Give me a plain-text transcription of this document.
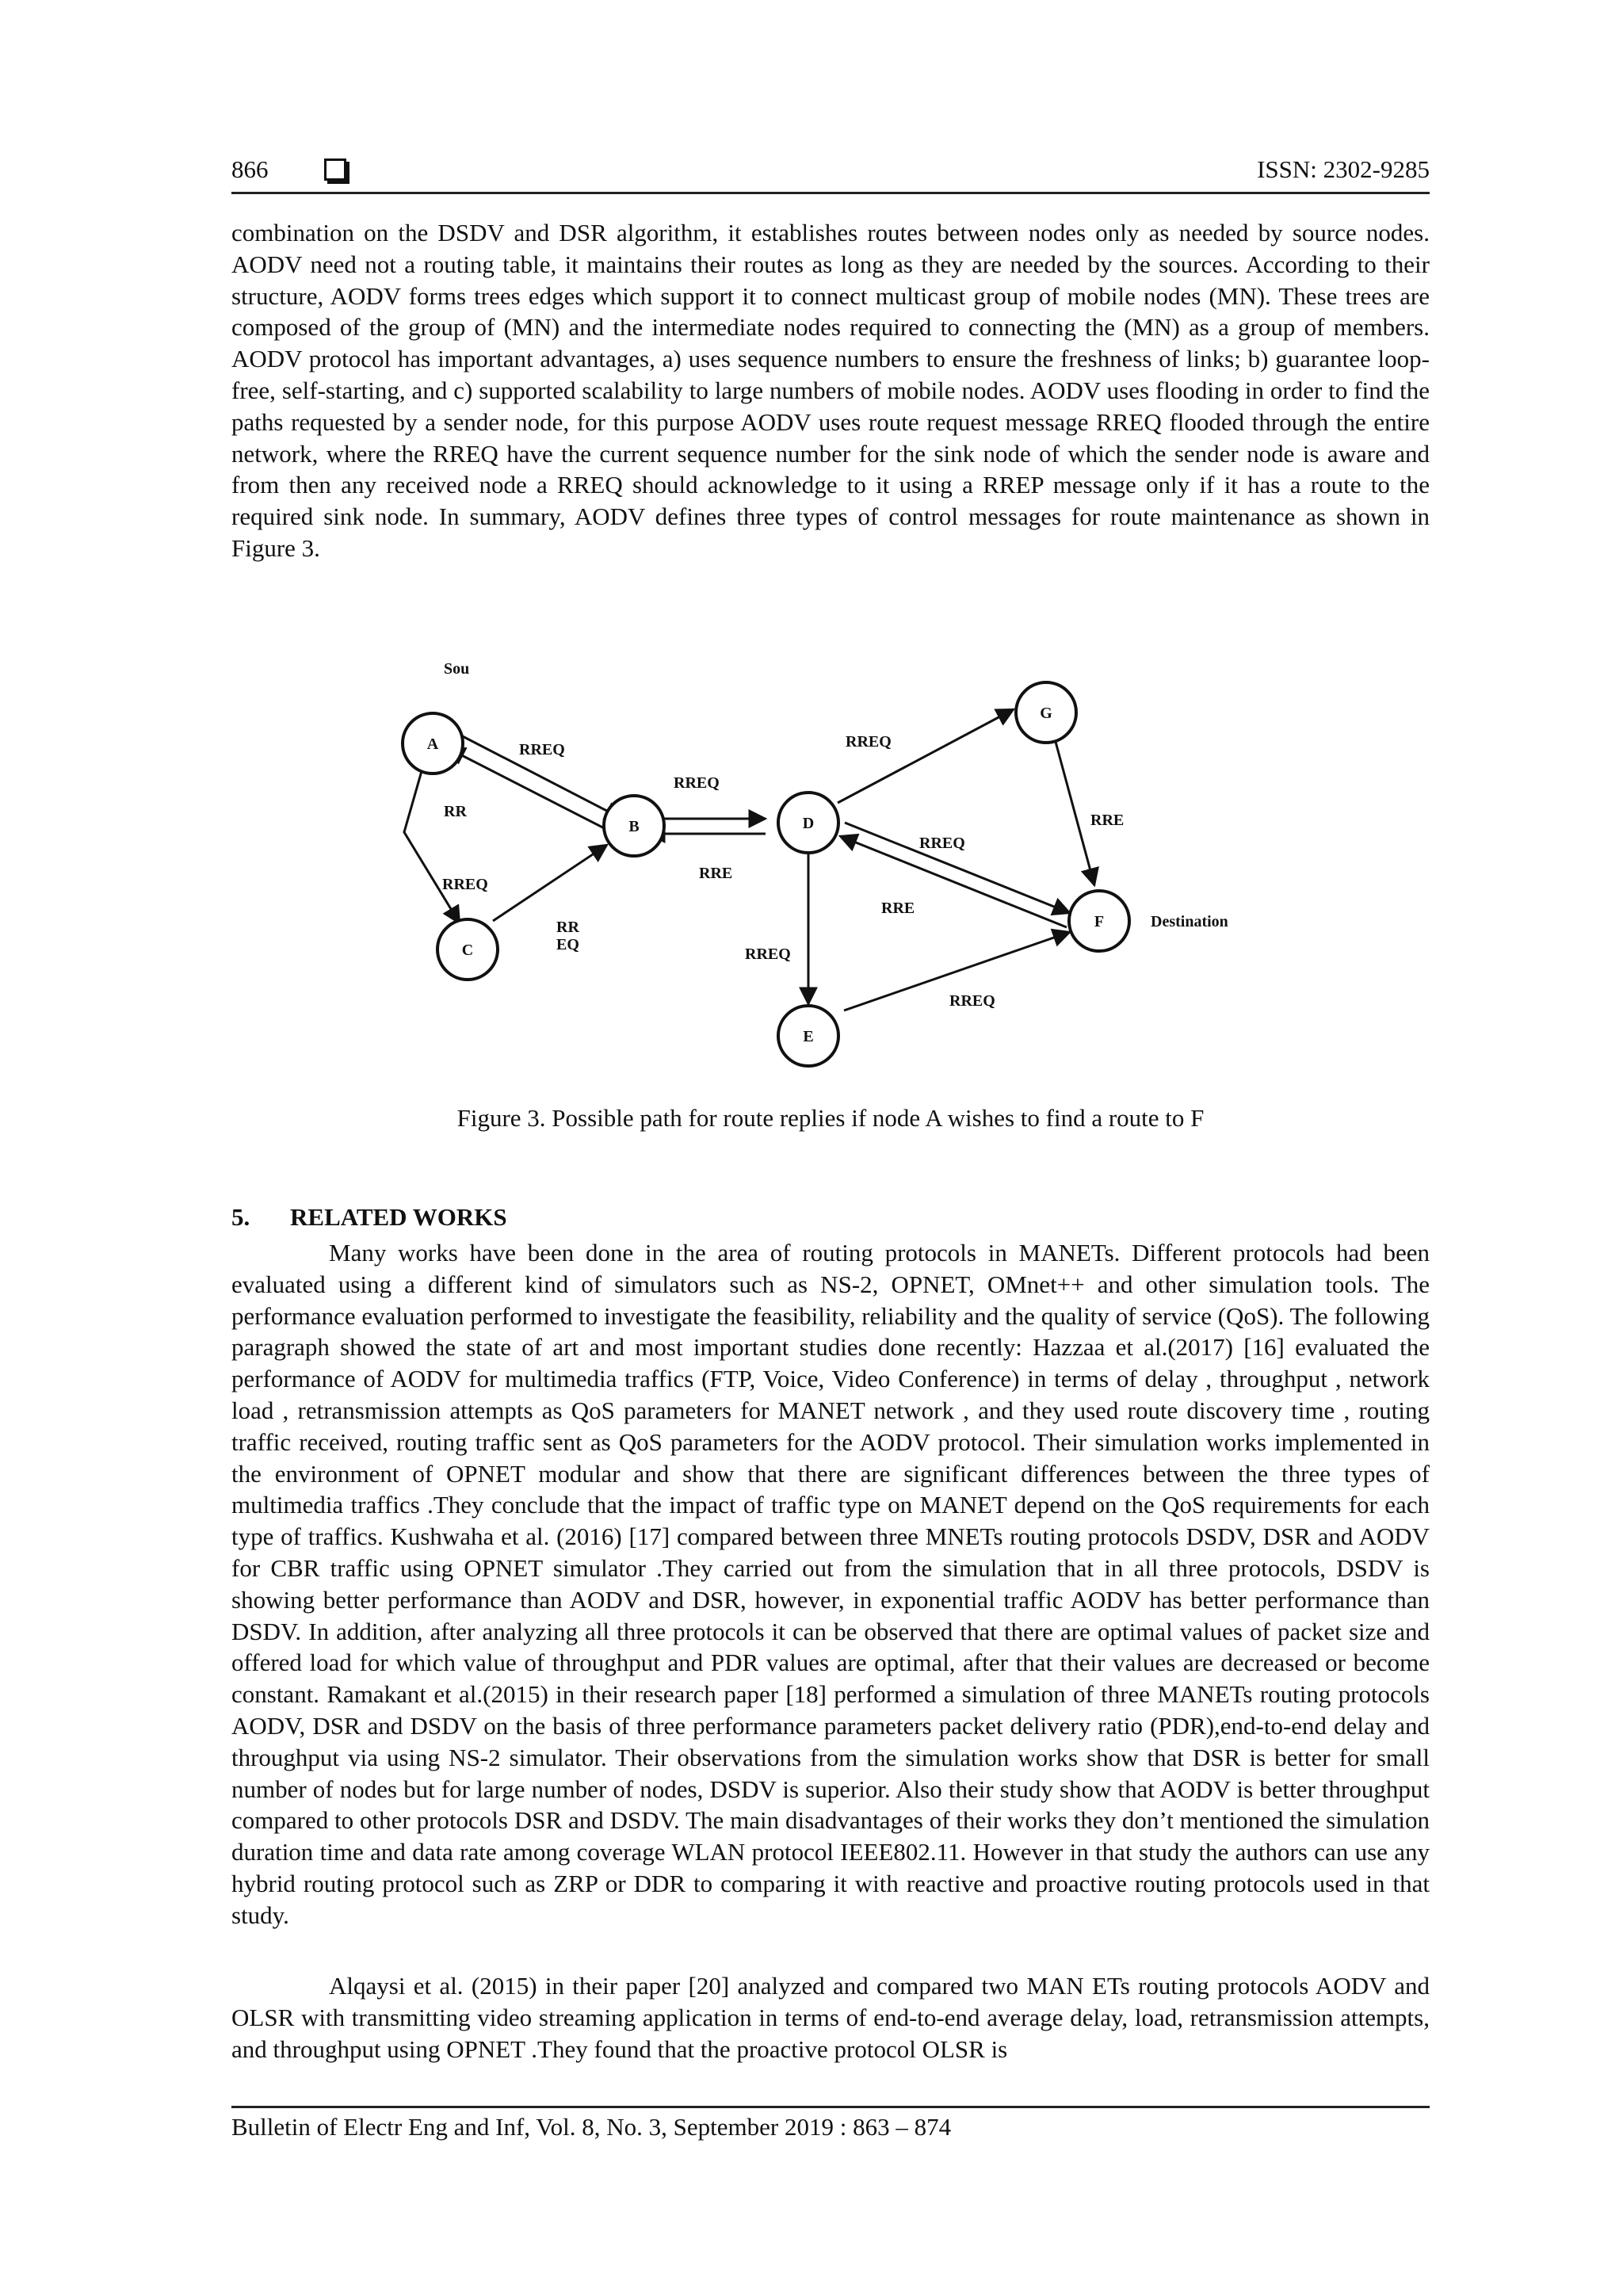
866	ISSN: 2302-9285

combination on the DSDV and DSR algorithm, it establishes routes between nodes only as needed by source nodes. AODV need not a routing table, it maintains their routes as long as they are needed by the sources. According to their structure, AODV forms trees edges which support it to connect multicast group of mobile nodes (MN). These trees are composed of the group of (MN) and the intermediate nodes required to connecting the (MN) as a group of members. AODV protocol has important advantages, a) uses sequence numbers to ensure the freshness of links; b) guarantee loop-free, self-starting, and c) supported scalability to large numbers of mobile nodes. AODV uses flooding in order to find the paths requested by a sender node, for this purpose AODV uses route request message RREQ flooded through the entire network, where the RREQ have the current sequence number for the sink node of which the sender node is aware and from then any received node a RREQ should acknowledge to it using a RREP message only if it has a route to the required sink node. In summary, AODV defines three types of control messages for route maintenance as shown in Figure 3.

A
B
C
D
E
F
G
Sou
Destination
RREQ
RR
RREQ
RR
EQ
RREQ
RRE
RREQ
RRE
RREQ
RRE
RREQ
RREQ

Figure 3. Possible path for route replies if node A wishes to find a route to F

5. RELATED WORKS

Many works have been done in the area of routing protocols in MANETs. Different protocols had been evaluated using a different kind of simulators such as NS-2, OPNET, OMnet++ and other simulation tools. The performance evaluation performed to investigate the feasibility, reliability and the quality of service (QoS). The following paragraph showed the state of art and most important studies done recently: Hazzaa et al.(2017) [16] evaluated the performance of AODV for multimedia traffics (FTP, Voice, Video Conference) in terms of delay , throughput , network load , retransmission attempts as QoS parameters for MANET network , and they used route discovery time , routing traffic received, routing traffic sent as QoS parameters for the AODV protocol. Their simulation works implemented in the environment of OPNET modular and show that there are significant differences between the three types of multimedia traffics .They conclude that the impact of traffic type on MANET depend on the QoS requirements for each type of traffics. Kushwaha et al. (2016) [17] compared between three MNETs routing protocols DSDV, DSR and AODV for CBR traffic using OPNET simulator .They carried out from the simulation that in all three protocols, DSDV is showing better performance than AODV and DSR, however, in exponential traffic AODV has better performance than DSDV. In addition, after analyzing all three protocols it can be observed that there are optimal values of packet size and offered load for which value of throughput and PDR values are optimal, after that their values are decreased or become constant. Ramakant et al.(2015) in their research paper [18] performed a simulation of three MANETs routing protocols AODV, DSR and DSDV on the basis of three performance parameters packet delivery ratio (PDR),end-to-end delay and throughput via using NS-2 simulator. Their observations from the simulation works show that DSR is better for small number of nodes but for large number of nodes, DSDV is superior. Also their study show that AODV is better throughput compared to other protocols DSR and DSDV. The main disadvantages of their works they don’t mentioned the simulation duration time and data rate among coverage WLAN protocol IEEE802.11. However in that study the authors can use any hybrid routing protocol such as ZRP or DDR to comparing it with reactive and proactive routing protocols used in that study.

Alqaysi et al. (2015) in their paper [20] analyzed and compared two MAN ETs routing protocols AODV and OLSR with transmitting video streaming application in terms of end-to-end average delay, load, retransmission attempts, and throughput using OPNET .They found that the proactive protocol OLSR is

Bulletin of Electr Eng and Inf, Vol. 8, No. 3, September 2019 : 863 – 874
